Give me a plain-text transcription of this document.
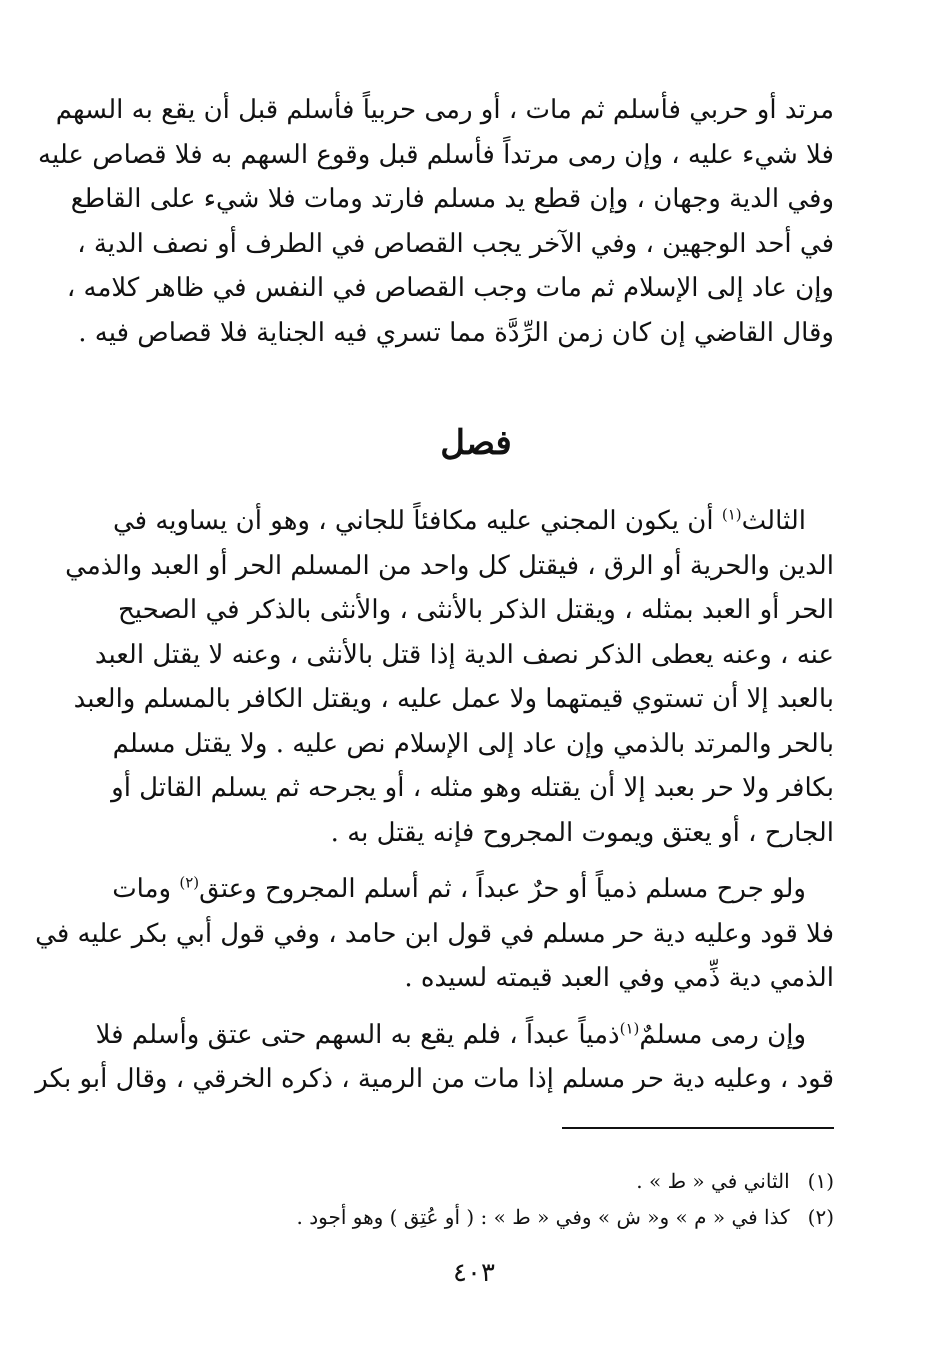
مرتد أو حربي فأسلم ثم مات ، أو رمى حربياً فأسلم قبل أن يقع به السهم
فلا شيء عليه ، وإن رمى مرتداً فأسلم قبل وقوع السهم به فلا قصاص عليه
وفي الدية وجهان ، وإن قطع يد مسلم فارتد ومات فلا شيء على القاطع
في أحد الوجهين ، وفي الآخر يجب القصاص في الطرف أو نصف الدية ،
وإن عاد إلى الإسلام ثم مات وجب القصاص في النفس في ظاهر كلامه ،
وقال القاضي إن كان زمن الرِّدَّة مما تسري فيه الجناية فلا قصاص فيه .

فصل

الثالث$^{(١)}$ أن يكون المجني عليه مكافئاً للجاني ، وهو أن يساويه في
الدين والحرية أو الرق ، فيقتل كل واحد من المسلم الحر أو العبد والذمي
الحر أو العبد بمثله ، ويقتل الذكر بالأنثى ، والأنثى بالذكر في الصحيح
عنه ، وعنه يعطى الذكر نصف الدية إذا قتل بالأنثى ، وعنه لا يقتل العبد
بالعبد إلا أن تستوي قيمتهما ولا عمل عليه ، ويقتل الكافر بالمسلم والعبد
بالحر والمرتد بالذمي وإن عاد إلى الإسلام نص عليه . ولا يقتل مسلم
بكافر ولا حر بعبد إلا أن يقتله وهو مثله ، أو يجرحه ثم يسلم القاتل أو
الجارح ، أو يعتق ويموت المجروح فإنه يقتل به .

ولو جرح مسلم ذمياً أو حرٌ عبداً ، ثم أسلم المجروح وعتق$^{(٢)}$ ومات
فلا قود وعليه دية حر مسلم في قول ابن حامد ، وفي قول أبي بكر عليه في
الذمي دية ذِّمي وفي العبد قيمته لسيده .

وإن رمى مسلمٌ$^{(١)}$ذمياً عبداً ، فلم يقع به السهم حتى عتق وأسلم فلا
قود ، وعليه دية حر مسلم إذا مات من الرمية ، ذكره الخرقي ، وقال أبو بكر

(١)
الثاني في « ط » .
(٢)
كذا في « م » و« ش » وفي « ط » : ( أو عُتِق ) وهو أجود .
٤٠٣
